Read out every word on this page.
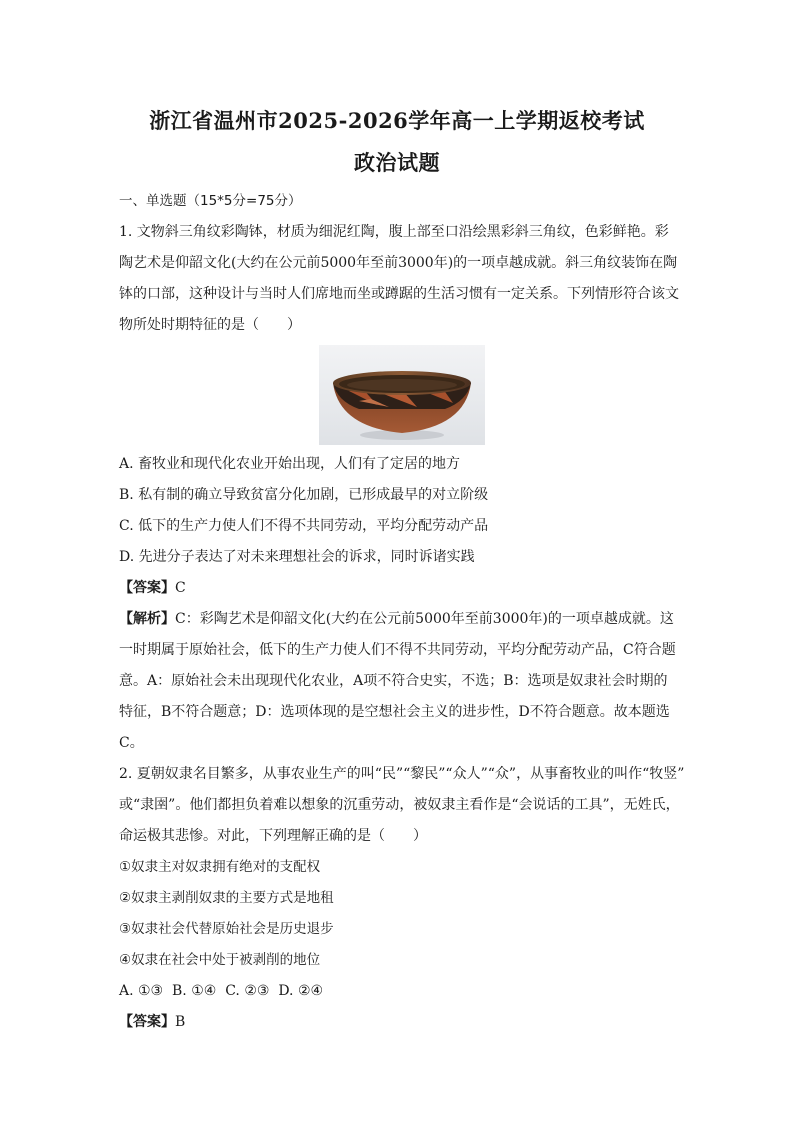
浙江省温州市2025-2026学年高一上学期返校考试
政治试题

一、单选题（15*5分=75分）

1. 文物斜三角纹彩陶钵，材质为细泥红陶，腹上部至口沿绘黑彩斜三角纹，色彩鲜艳。彩

陶艺术是仰韶文化(大约在公元前5000年至前3000年)的一项卓越成就。斜三角纹装饰在陶

钵的口部，这种设计与当时人们席地而坐或蹲踞的生活习惯有一定关系。下列情形符合该文

物所处时期特征的是（　　）

A. 畜牧业和现代化农业开始出现，人们有了定居的地方

B. 私有制的确立导致贫富分化加剧，已形成最早的对立阶级

C. 低下的生产力使人们不得不共同劳动，平均分配劳动产品

D. 先进分子表达了对未来理想社会的诉求，同时诉诸实践

【答案】C

【解析】C：彩陶艺术是仰韶文化(大约在公元前5000年至前3000年)的一项卓越成就。这

一时期属于原始社会，低下的生产力使人们不得不共同劳动，平均分配劳动产品，C符合题

意。A：原始社会未出现现代化农业，A项不符合史实，不选；B：选项是奴隶社会时期的

特征，B不符合题意；D：选项体现的是空想社会主义的进步性，D不符合题意。故本题选

C。

2. 夏朝奴隶名目繁多，从事农业生产的叫“民”“黎民”“众人”“众”，从事畜牧业的叫作“牧竖”

或“隶圉”。他们都担负着难以想象的沉重劳动，被奴隶主看作是“会说话的工具”，无姓氏，

命运极其悲惨。对此，下列理解正确的是（　　）

①奴隶主对奴隶拥有绝对的支配权

②奴隶主剥削奴隶的主要方式是地租

③奴隶社会代替原始社会是历史退步

④奴隶在社会中处于被剥削的地位

A. ①③  B. ①④  C. ②③  D. ②④

【答案】B
